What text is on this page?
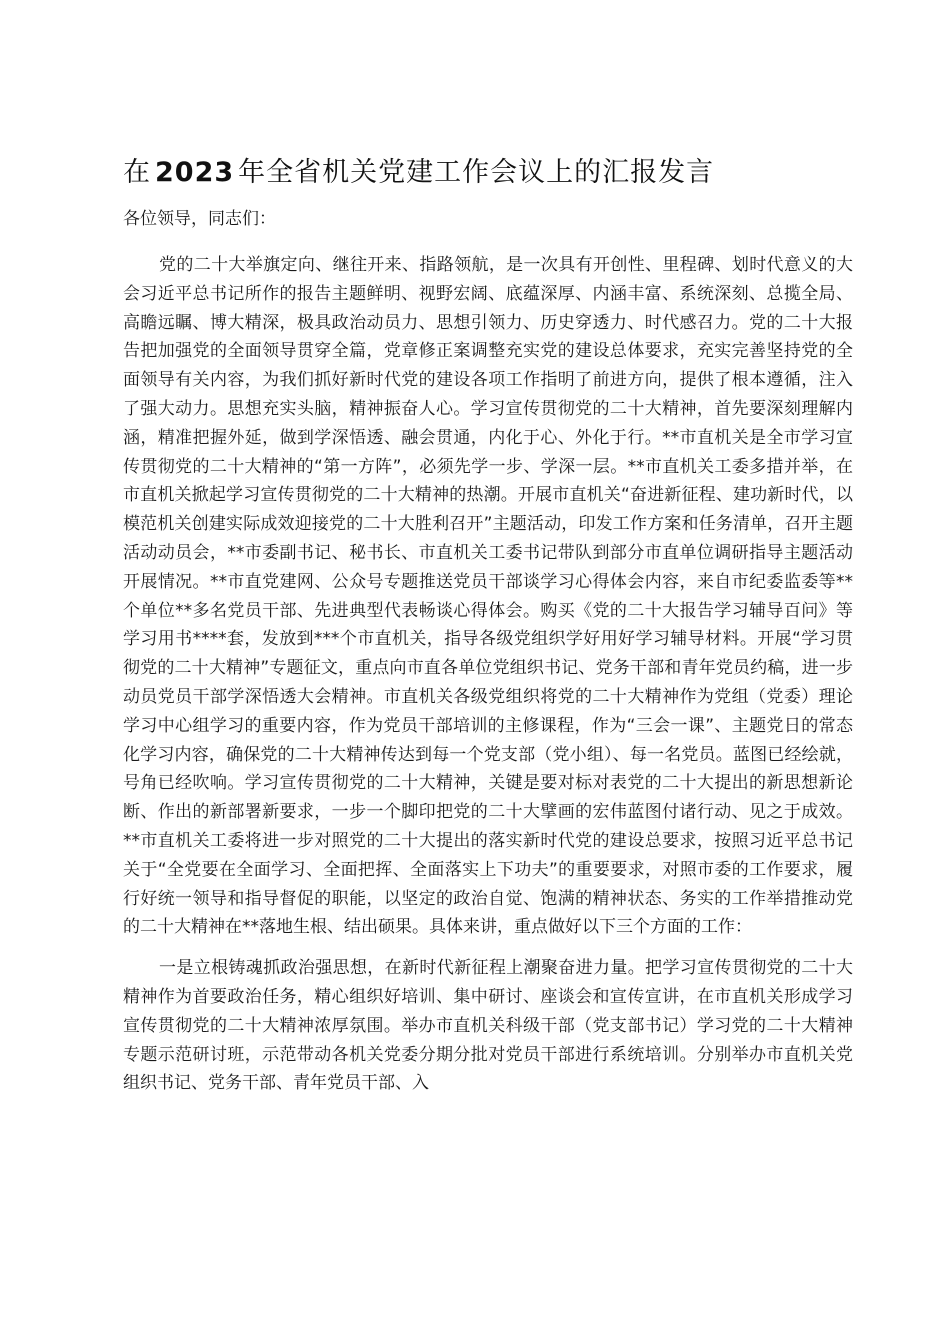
在 2023 年全省机关党建工作会议上的汇报发言

各位领导，同志们：

党的二十大举旗定向、继往开来、指路领航，是一次具有开创性、里程碑、划时代意义的大会习近平总书记所作的报告主题鲜明、视野宏阔、底蕴深厚、内涵丰富、系统深刻、总揽全局、高瞻远瞩、博大精深，极具政治动员力、思想引领力、历史穿透力、时代感召力。党的二十大报告把加强党的全面领导贯穿全篇，党章修正案调整充实党的建设总体要求，充实完善坚持党的全面领导有关内容，为我们抓好新时代党的建设各项工作指明了前进方向，提供了根本遵循，注入了强大动力。思想充实头脑，精神振奋人心。学习宣传贯彻党的二十大精神，首先要深刻理解内涵，精准把握外延，做到学深悟透、融会贯通，内化于心、外化于行。**市直机关是全市学习宣传贯彻党的二十大精神的“第一方阵”，必须先学一步、学深一层。**市直机关工委多措并举，在市直机关掀起学习宣传贯彻党的二十大精神的热潮。开展市直机关“奋进新征程、建功新时代，以模范机关创建实际成效迎接党的二十大胜利召开”主题活动，印发工作方案和任务清单，召开主题活动动员会，**市委副书记、秘书长、市直机关工委书记带队到部分市直单位调研指导主题活动开展情况。**市直党建网、公众号专题推送党员干部谈学习心得体会内容，来自市纪委监委等**个单位**多名党员干部、先进典型代表畅谈心得体会。购买《党的二十大报告学习辅导百问》等学习用书****套，发放到***个市直机关，指导各级党组织学好用好学习辅导材料。开展“学习贯彻党的二十大精神”专题征文，重点向市直各单位党组织书记、党务干部和青年党员约稿，进一步动员党员干部学深悟透大会精神。市直机关各级党组织将党的二十大精神作为党组（党委）理论学习中心组学习的重要内容，作为党员干部培训的主修课程，作为“三会一课”、主题党日的常态化学习内容，确保党的二十大精神传达到每一个党支部（党小组）、每一名党员。蓝图已经绘就，号角已经吹响。学习宣传贯彻党的二十大精神，关键是要对标对表党的二十大提出的新思想新论断、作出的新部署新要求，一步一个脚印把党的二十大擘画的宏伟蓝图付诸行动、见之于成效。**市直机关工委将进一步对照党的二十大提出的落实新时代党的建设总要求，按照习近平总书记关于“全党要在全面学习、全面把挥、全面落实上下功夫”的重要要求，对照市委的工作要求，履行好统一领导和指导督促的职能，以坚定的政治自觉、饱满的精神状态、务实的工作举措推动党的二十大精神在**落地生根、结出硕果。具体来讲，重点做好以下三个方面的工作：

一是立根铸魂抓政治强思想，在新时代新征程上潮聚奋进力量。把学习宣传贯彻党的二十大精神作为首要政治任务，精心组织好培训、集中研讨、座谈会和宣传宣讲，在市直机关形成学习宣传贯彻党的二十大精神浓厚氛围。举办市直机关科级干部（党支部书记）学习党的二十大精神专题示范研讨班，示范带动各机关党委分期分批对党员干部进行系统培训。分别举办市直机关党组织书记、党务干部、青年党员干部、入
